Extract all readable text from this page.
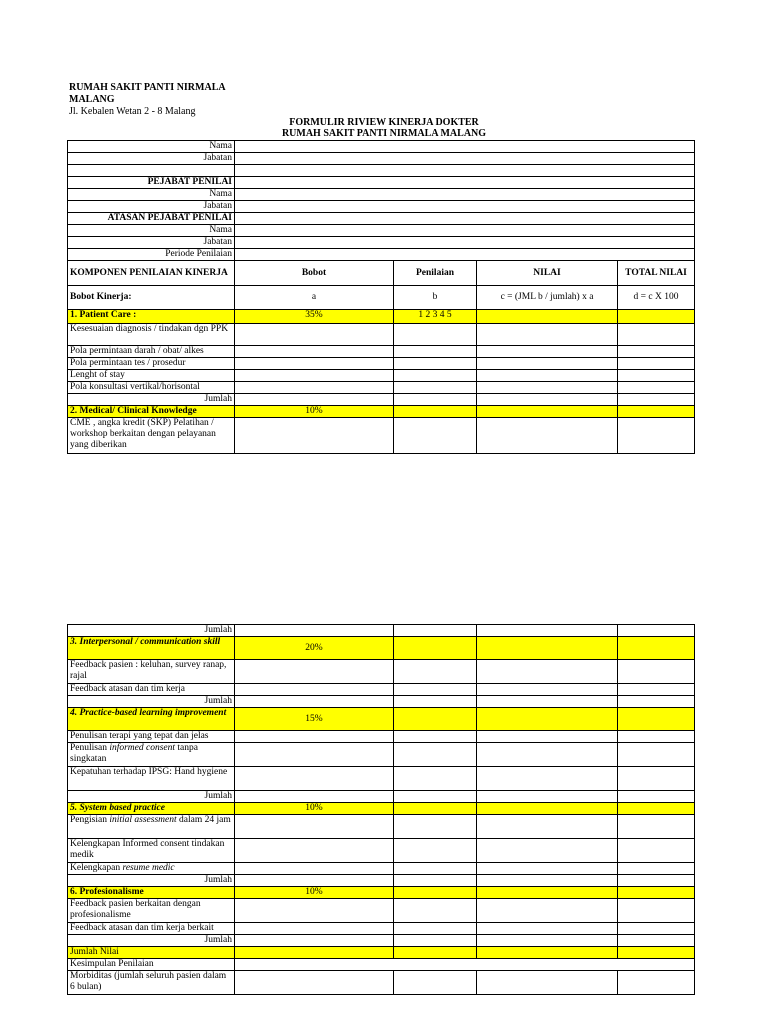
RUMAH SAKIT PANTI NIRMALA
MALANG
Jl. Kebalen Wetan 2 - 8 Malang
FORMULIR RIVIEW KINERJA DOKTER
RUMAH SAKIT PANTI NIRMALA MALANG
Nama				
Jabatan				

PEJABAT PENILAI				
Nama				
Jabatan				
ATASAN PEJABAT PENILAI				
Nama				
Jabatan				
Periode Penilaian				
KOMPONEN PENILAIAN KINERJA	Bobot	Penilaian	NILAI	TOTAL NILAI
Bobot Kinerja:	a	b	c = (JML b / jumlah) x a	d = c X 100
1. Patient Care :	35%	1 2 3 4 5		
Kesesuaian diagnosis / tindakan dgn PPK				
Pola permintaan darah / obat/ alkes				
Pola permintaan tes / prosedur				
Lenght of stay				
Pola konsultasi vertikal/horisontal				
Jumlah				
2. Medical/ Clinical Knowledge	10%			
CME , angka kredit (SKP) Pelatihan / workshop berkaitan dengan pelayanan yang diberikan				
Jumlah				
3. Interpersonal / communication skill	20%			
Feedback pasien : keluhan, survey ranap, rajal				
Feedback atasan dan tim kerja				
Jumlah				
4. Practice-based learning improvement	15%			
Penulisan terapi yang tepat dan jelas				
Penulisan informed consent tanpa singkatan				
Kepatuhan terhadap IPSG: Hand hygiene				
Jumlah				
5. System based practice	10%			
Pengisian initial assessment dalam 24 jam				
Kelengkapan Informed consent tindakan medik				
Kelengkapan resume medic				
Jumlah				
6. Profesionalisme	10%			
Feedback pasien berkaitan dengan profesionalisme				
Feedback atasan dan tim kerja berkait				
Jumlah				
Jumlah Nilai				
Kesimpulan Penilaian				
Morbiditas (jumlah seluruh pasien dalam 6 bulan)				
